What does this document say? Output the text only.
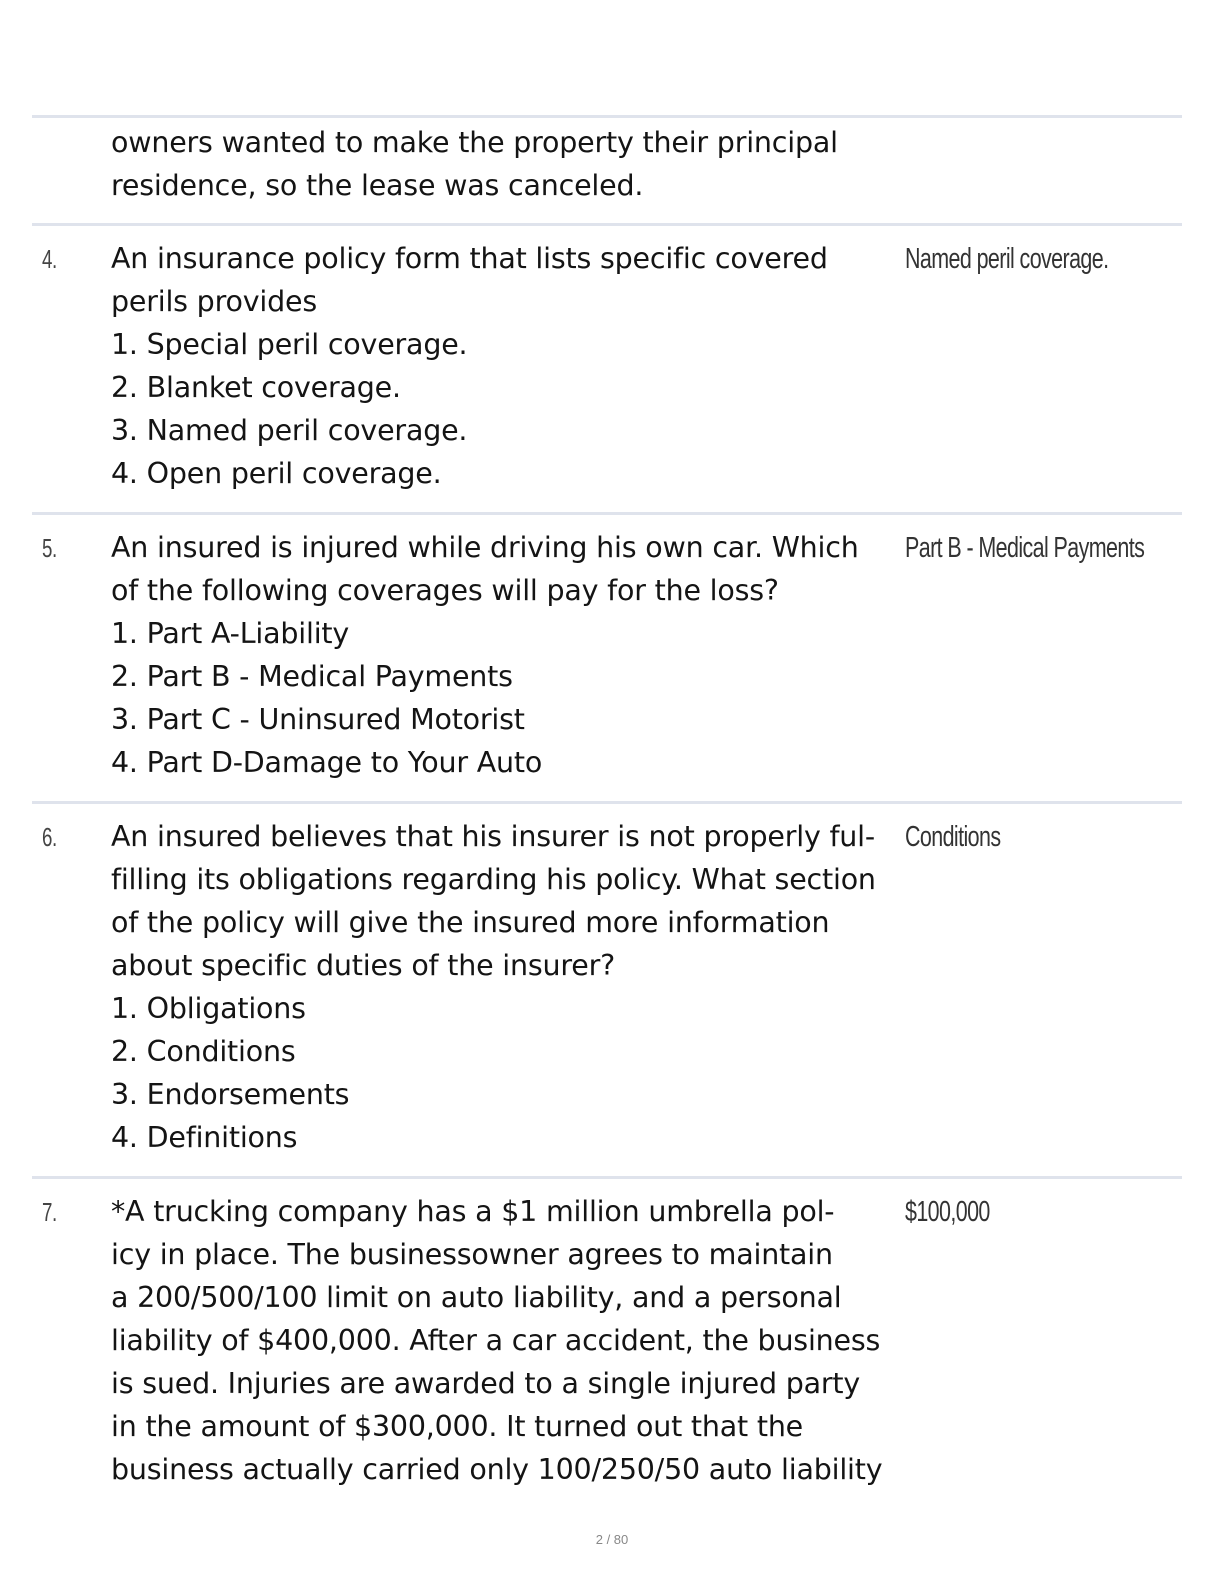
owners wanted to make the property their principal
residence, so the lease was canceled.
4. An insurance policy form that lists specific covered
perils provides
1. Special peril coverage.
2. Blanket coverage.
3. Named peril coverage.
4. Open peril coverage.
Named peril coverage.
5. An insured is injured while driving his own car. Which
of the following coverages will pay for the loss?
1. Part A-Liability
2. Part B - Medical Payments
3. Part C - Uninsured Motorist
4. Part D-Damage to Your Auto
Part B - Medical Payments
6. An insured believes that his insurer is not properly ful-
filling its obligations regarding his policy. What section
of the policy will give the insured more information
about specific duties of the insurer?
1. Obligations
2. Conditions
3. Endorsements
4. Definitions
Conditions
7. *A trucking company has a $1 million umbrella pol-
icy in place. The businessowner agrees to maintain
a 200/500/100 limit on auto liability, and a personal
liability of $400,000. After a car accident, the business
is sued. Injuries are awarded to a single injured party
in the amount of $300,000. It turned out that the
business actually carried only 100/250/50 auto liability
$100,000
2 / 80
